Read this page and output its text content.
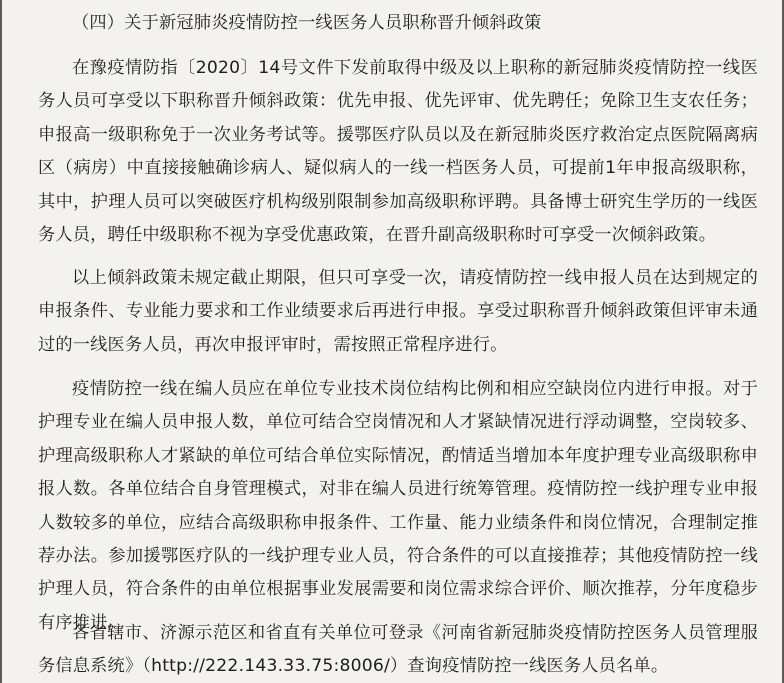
（四）关于新冠肺炎疫情防控一线医务人员职称晋升倾斜政策

在豫疫情防指〔2020〕14号文件下发前取得中级及以上职称的新冠肺炎疫情防控一线医务人员可享受以下职称晋升倾斜政策：优先申报、优先评审、优先聘任；免除卫生支农任务；申报高一级职称免于一次业务考试等。援鄂医疗队员以及在新冠肺炎医疗救治定点医院隔离病区（病房）中直接接触确诊病人、疑似病人的一线一档医务人员，可提前1年申报高级职称，其中，护理人员可以突破医疗机构级别限制参加高级职称评聘。具备博士研究生学历的一线医务人员，聘任中级职称不视为享受优惠政策，在晋升副高级职称时可享受一次倾斜政策。

以上倾斜政策未规定截止期限，但只可享受一次，请疫情防控一线申报人员在达到规定的申报条件、专业能力要求和工作业绩要求后再进行申报。享受过职称晋升倾斜政策但评审未通过的一线医务人员，再次申报评审时，需按照正常程序进行。

疫情防控一线在编人员应在单位专业技术岗位结构比例和相应空缺岗位内进行申报。对于护理专业在编人员申报人数，单位可结合空岗情况和人才紧缺情况进行浮动调整，空岗较多、护理高级职称人才紧缺的单位可结合单位实际情况，酌情适当增加本年度护理专业高级职称申报人数。各单位结合自身管理模式，对非在编人员进行统筹管理。疫情防控一线护理专业申报人数较多的单位，应结合高级职称申报条件、工作量、能力业绩条件和岗位情况，合理制定推荐办法。参加援鄂医疗队的一线护理专业人员，符合条件的可以直接推荐；其他疫情防控一线护理人员，符合条件的由单位根据事业发展需要和岗位需求综合评价、顺次推荐，分年度稳步有序推进。

各省辖市、济源示范区和省直有关单位可登录《河南省新冠肺炎疫情防控医务人员管理服务信息系统》（http://222.143.33.75:8006/）查询疫情防控一线医务人员名单。
